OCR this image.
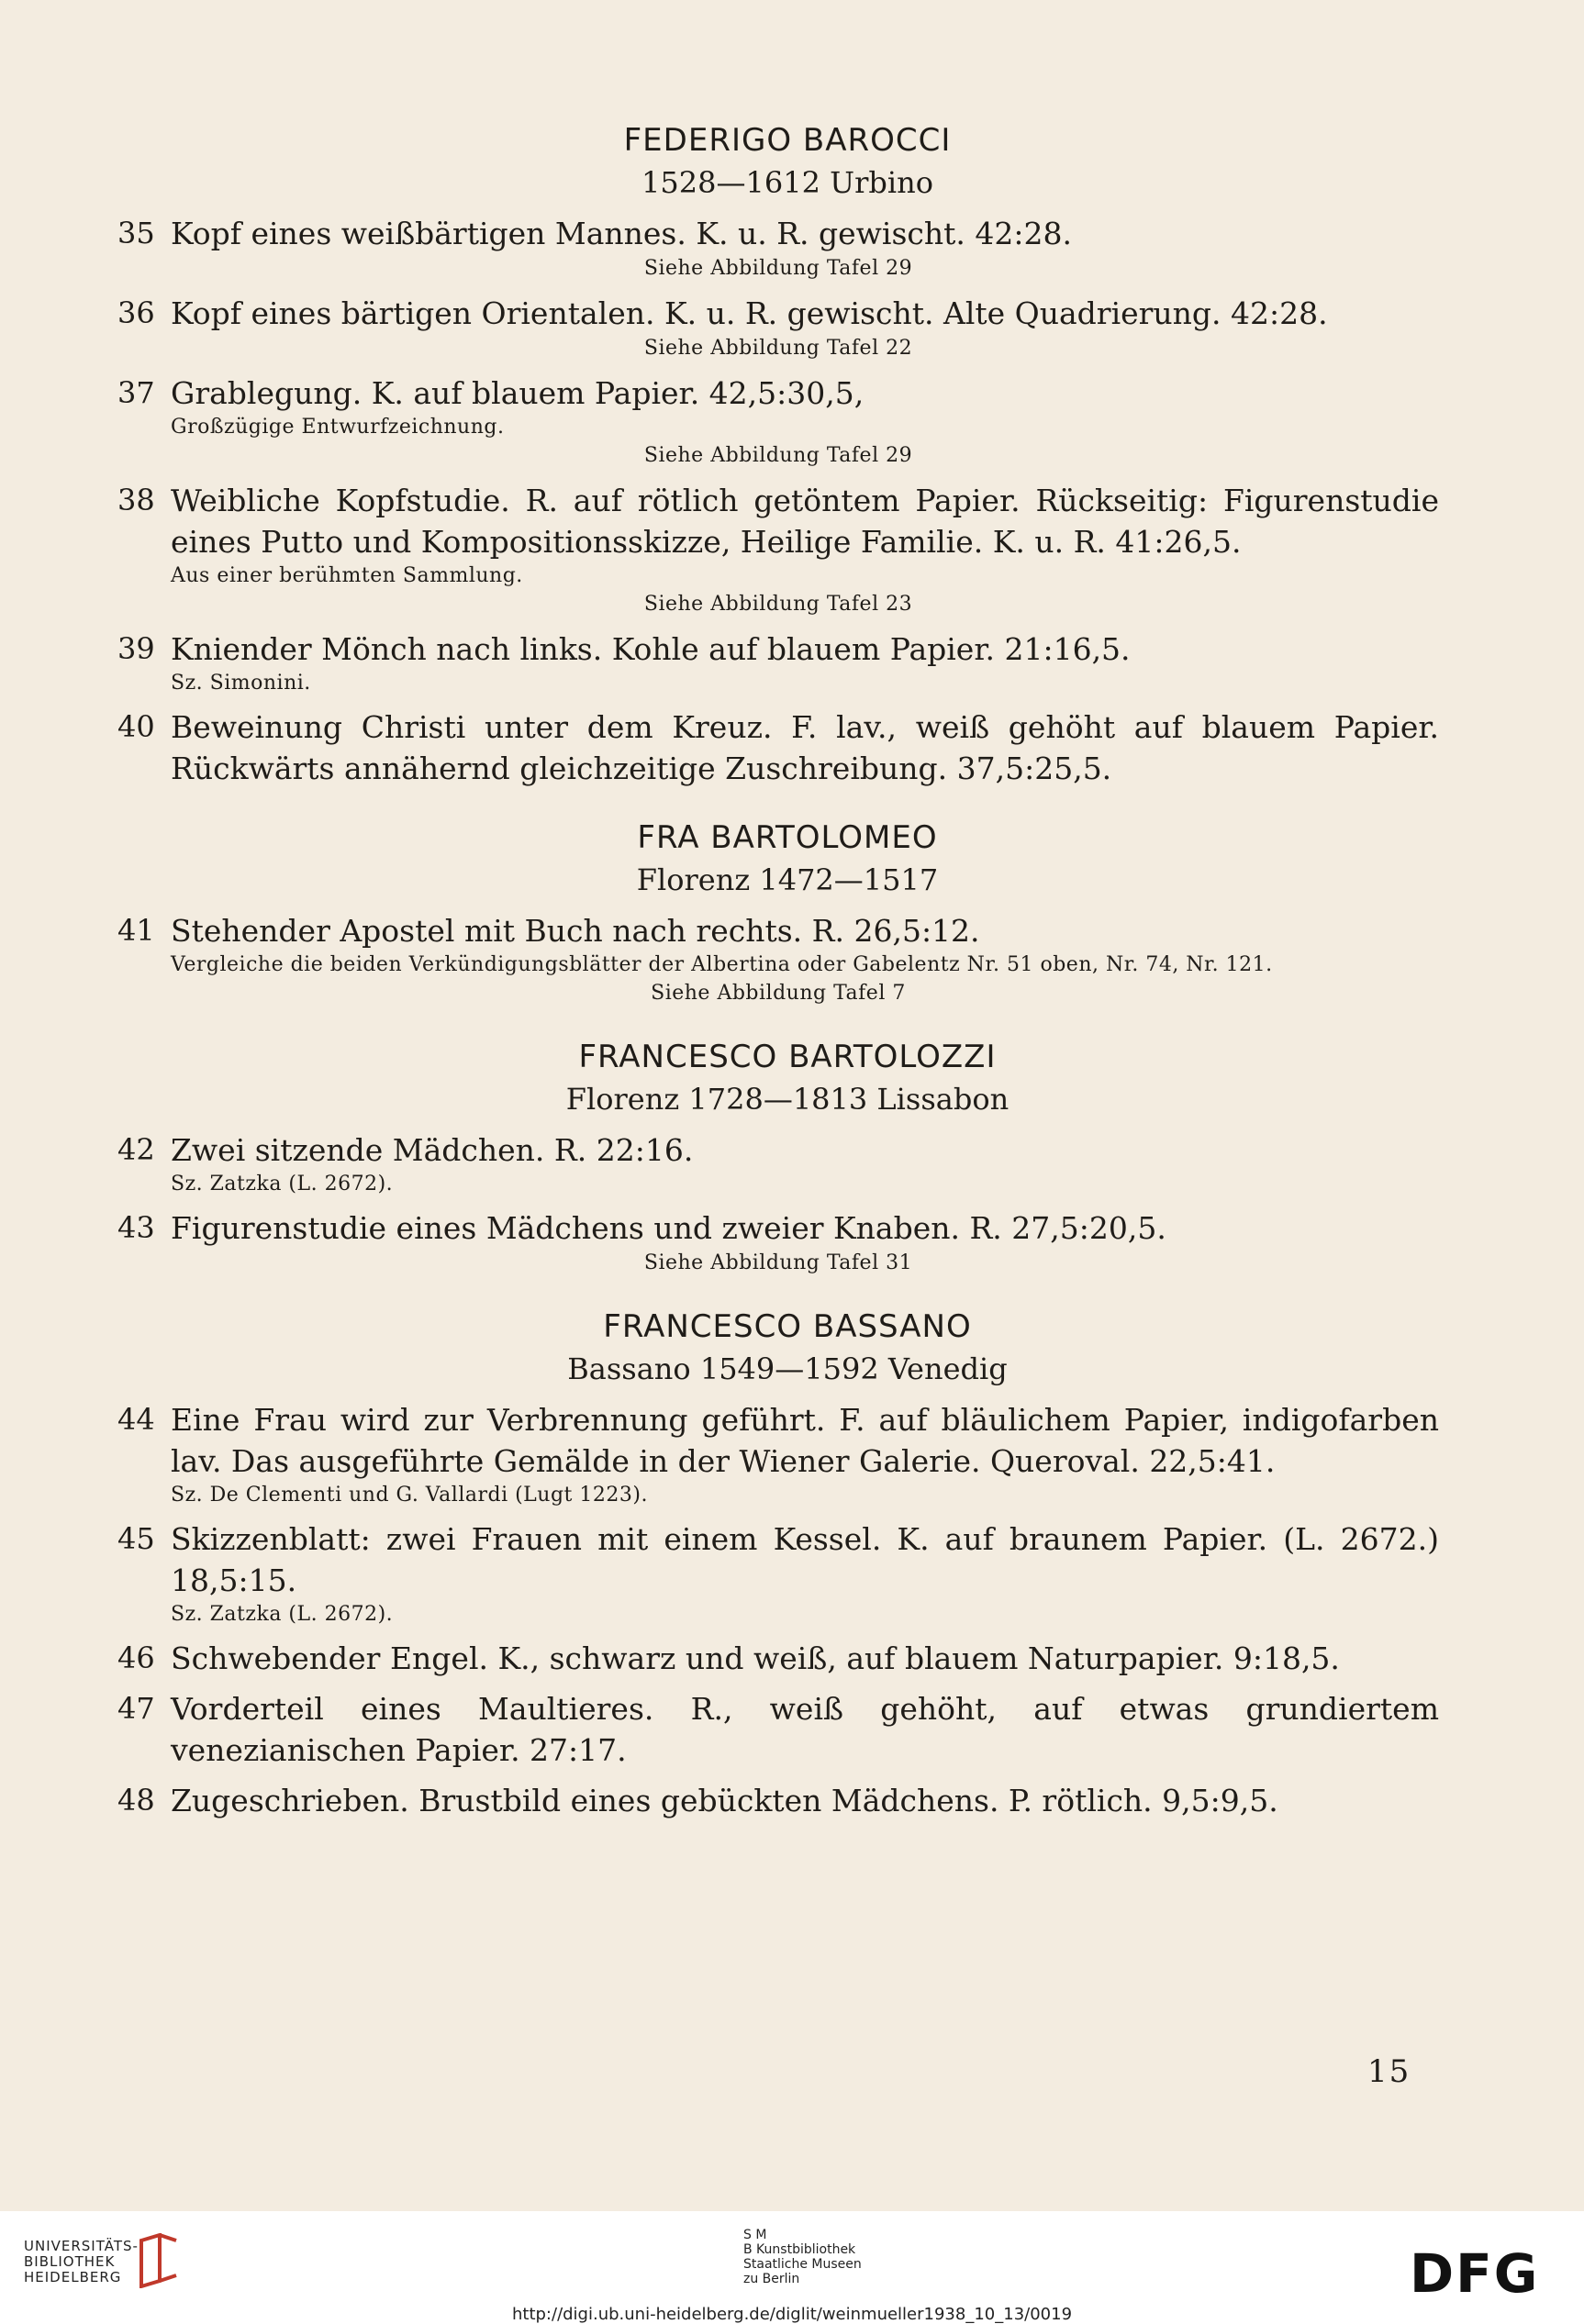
FEDERIGO BAROCCI
1528—1612 Urbino
35 Kopf eines weißbärtigen Mannes. K. u. R. gewischt. 42:28.
Siehe Abbildung Tafel 29
36 Kopf eines bärtigen Orientalen. K. u. R. gewischt. Alte Quadrierung. 42:28.
Siehe Abbildung Tafel 22
37 Grablegung. K. auf blauem Papier. 42,5:30,5,
Großzügige Entwurfzeichnung.
Siehe Abbildung Tafel 29
38 Weibliche Kopfstudie. R. auf rötlich getöntem Papier. Rückseitig: Figurenstudie eines Putto und Kompositionsskizze, Heilige Familie. K. u. R. 41:26,5.
Aus einer berühmten Sammlung.
Siehe Abbildung Tafel 23
39 Kniender Mönch nach links. Kohle auf blauem Papier. 21:16,5.
Sz. Simonini.
40 Beweinung Christi unter dem Kreuz. F. lav., weiß gehöht auf blauem Papier. Rückwärts annähernd gleichzeitige Zuschreibung. 37,5:25,5.
FRA BARTOLOMEO
Florenz 1472—1517
41 Stehender Apostel mit Buch nach rechts. R. 26,5:12.
Vergleiche die beiden Verkündigungsblätter der Albertina oder Gabelentz Nr. 51 oben, Nr. 74, Nr. 121.
Siehe Abbildung Tafel 7
FRANCESCO BARTOLOZZI
Florenz 1728—1813 Lissabon
42 Zwei sitzende Mädchen. R. 22:16.
Sz. Zatzka (L. 2672).
43 Figurenstudie eines Mädchens und zweier Knaben. R. 27,5:20,5.
Siehe Abbildung Tafel 31
FRANCESCO BASSANO
Bassano 1549—1592 Venedig
44 Eine Frau wird zur Verbrennung geführt. F. auf bläulichem Papier, indigofarben lav. Das ausgeführte Gemälde in der Wiener Galerie. Queroval. 22,5:41.
Sz. De Clementi und G. Vallardi (Lugt 1223).
45 Skizzenblatt: zwei Frauen mit einem Kessel. K. auf braunem Papier. (L. 2672.) 18,5:15.
Sz. Zatzka (L. 2672).
46 Schwebender Engel. K., schwarz und weiß, auf blauem Naturpapier. 9:18,5.
47 Vorderteil eines Maultieres. R., weiß gehöht, auf etwas grundiertem venezianischen Papier. 27:17.
48 Zugeschrieben. Brustbild eines gebückten Mädchens. P. rötlich. 9,5:9,5.
15
UNIVERSITÄTS-
BIBLIOTHEK
HEIDELBERG
S M
B Kunstbibliothek
Staatliche Museen
zu Berlin	DFG
http://digi.ub.uni-heidelberg.de/diglit/weinmueller1938_10_13/0019
